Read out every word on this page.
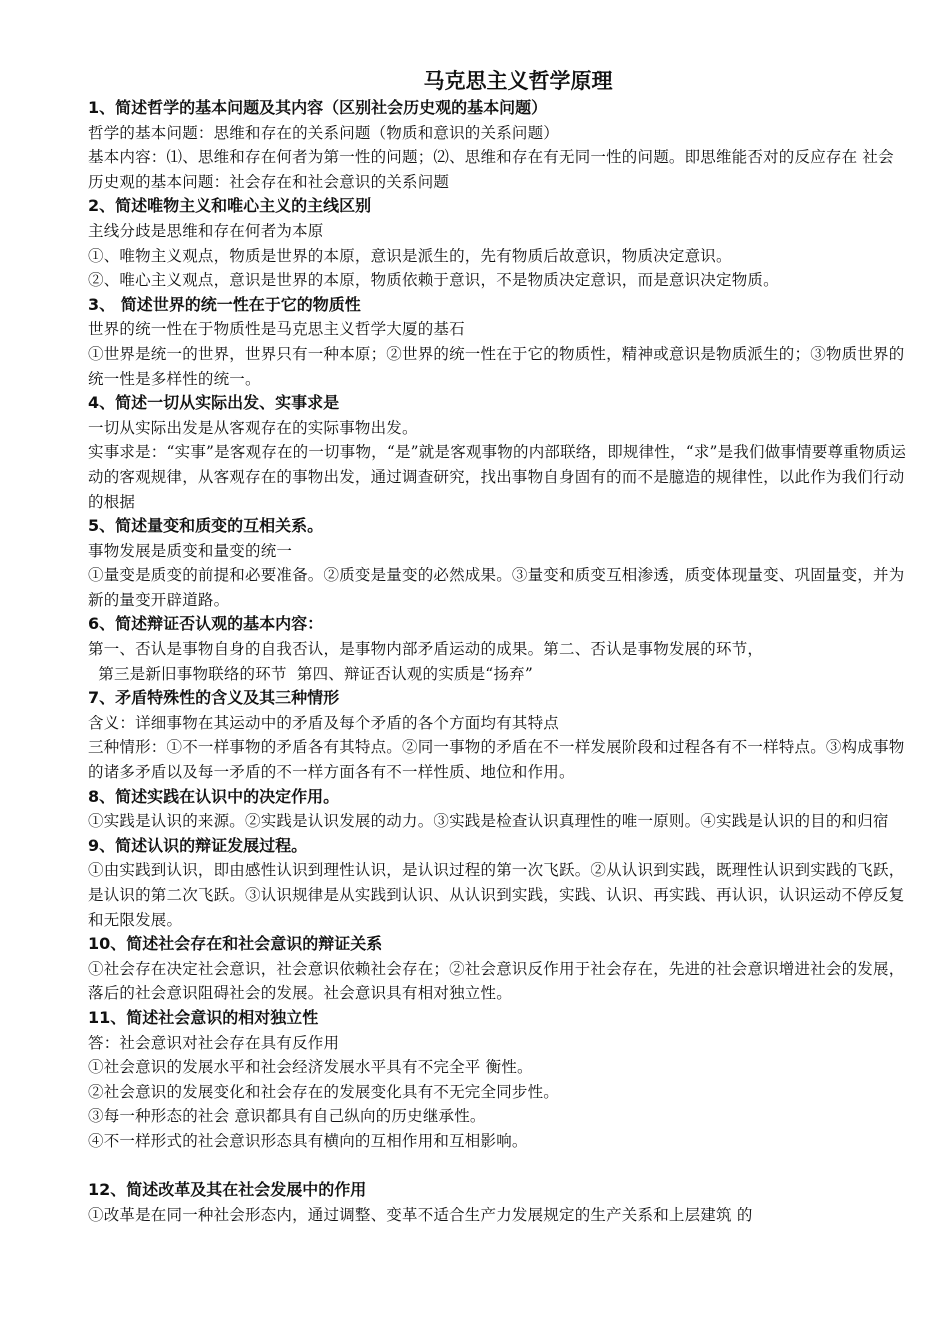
马克思主义哲学原理
1、简述哲学的基本问题及其内容（区别社会历史观的基本问题）
哲学的基本问题：思维和存在的关系问题（物质和意识的关系问题）
基本内容：⑴、思维和存在何者为第一性的问题；⑵、思维和存在有无同一性的问题。即思维能否对的反应存在 社会历史观的基本问题：社会存在和社会意识的关系问题
2、简述唯物主义和唯心主义的主线区别
主线分歧是思维和存在何者为本原
①、唯物主义观点，物质是世界的本原，意识是派生的，先有物质后故意识，物质决定意识。
②、唯心主义观点，意识是世界的本原，物质依赖于意识，不是物质决定意识，而是意识决定物质。
3、 简述世界的统一性在于它的物质性
世界的统一性在于物质性是马克思主义哲学大厦的基石
①世界是统一的世界，世界只有一种本原；②世界的统一性在于它的物质性，精神或意识是物质派生的；③物质世界的统一性是多样性的统一。
4、简述一切从实际出发、实事求是
一切从实际出发是从客观存在的实际事物出发。
实事求是：“实事”是客观存在的一切事物，“是”就是客观事物的内部联络，即规律性，“求”是我们做事情要尊重物质运动的客观规律，从客观存在的事物出发，通过调查研究，找出事物自身固有的而不是臆造的规律性，以此作为我们行动的根据
5、简述量变和质变的互相关系。
事物发展是质变和量变的统一
①量变是质变的前提和必要准备。②质变是量变的必然成果。③量变和质变互相渗透，质变体现量变、巩固量变，并为新的量变开辟道路。
6、简述辩证否认观的基本内容：
第一、否认是事物自身的自我否认，是事物内部矛盾运动的成果。第二、否认是事物发展的环节，
第三是新旧事物联络的环节  第四、辩证否认观的实质是“扬弃”
7、矛盾特殊性的含义及其三种情形
含义：详细事物在其运动中的矛盾及每个矛盾的各个方面均有其特点
三种情形：①不一样事物的矛盾各有其特点。②同一事物的矛盾在不一样发展阶段和过程各有不一样特点。③构成事物的诸多矛盾以及每一矛盾的不一样方面各有不一样性质、地位和作用。
8、简述实践在认识中的决定作用。
①实践是认识的来源。②实践是认识发展的动力。③实践是检查认识真理性的唯一原则。④实践是认识的目的和归宿
9、简述认识的辩证发展过程。
①由实践到认识，即由感性认识到理性认识，是认识过程的第一次飞跃。②从认识到实践，既理性认识到实践的飞跃，是认识的第二次飞跃。③认识规律是从实践到认识、从认识到实践，实践、认识、再实践、再认识，认识运动不停反复和无限发展。
10、简述社会存在和社会意识的辩证关系
①社会存在决定社会意识，社会意识依赖社会存在；②社会意识反作用于社会存在，先进的社会意识增进社会的发展，落后的社会意识阻碍社会的发展。社会意识具有相对独立性。
11、简述社会意识的相对独立性
答：社会意识对社会存在具有反作用
①社会意识的发展水平和社会经济发展水平具有不完全平 衡性。
②社会意识的发展变化和社会存在的发展变化具有不无完全同步性。
③每一种形态的社会 意识都具有自己纵向的历史继承性。
④不一样形式的社会意识形态具有横向的互相作用和互相影响。
12、简述改革及其在社会发展中的作用
①改革是在同一种社会形态内，通过调整、变革不适合生产力发展规定的生产关系和上层建筑 的
